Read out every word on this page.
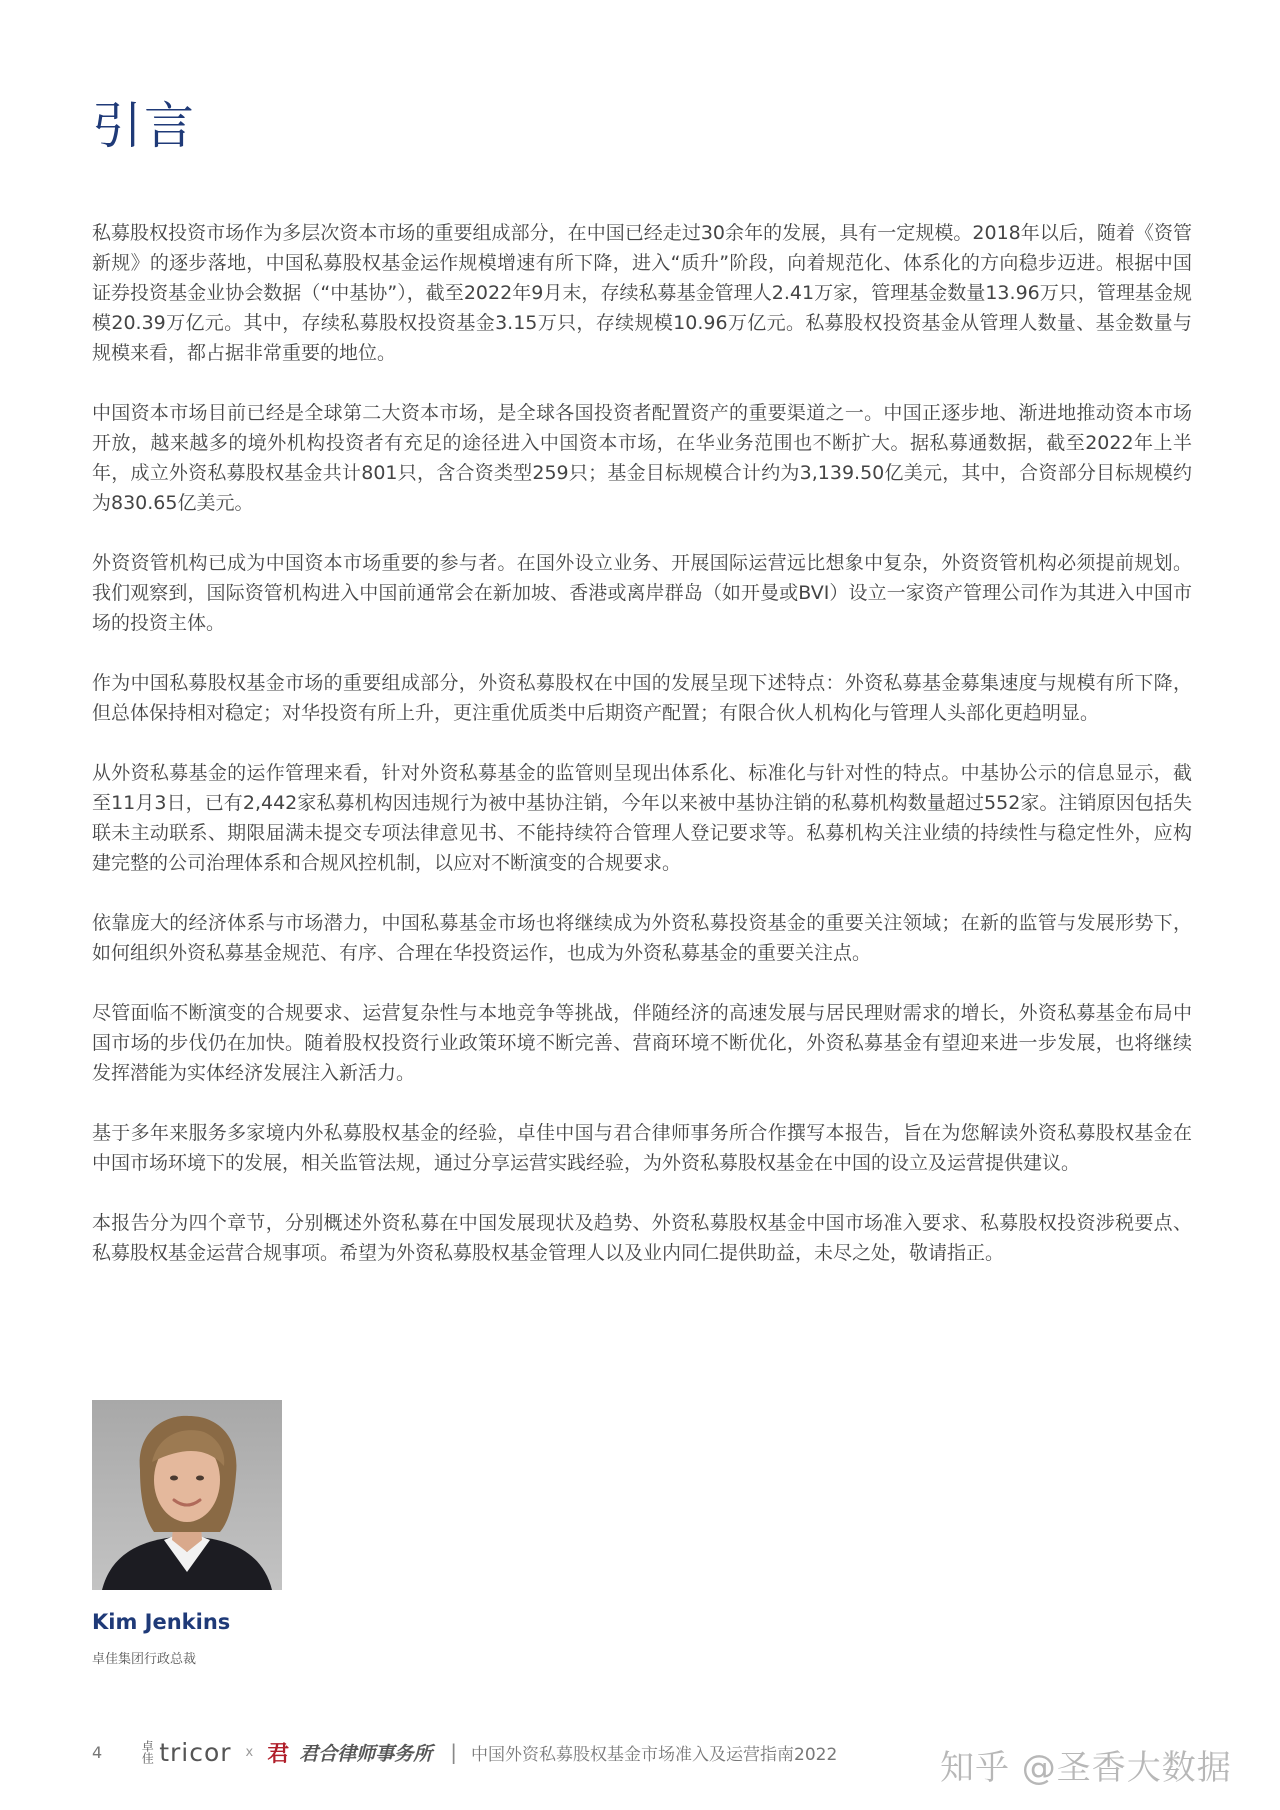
引言

私募股权投资市场作为多层次资本市场的重要组成部分，在中国已经走过30余年的发展，具有一定规模。2018年以后，随着《资管新规》的逐步落地，中国私募股权基金运作规模增速有所下降，进入“质升”阶段，向着规范化、体系化的方向稳步迈进。根据中国证券投资基金业协会数据（“中基协”），截至2022年9月末，存续私募基金管理人2.41万家，管理基金数量13.96万只，管理基金规模20.39万亿元。其中，存续私募股权投资基金3.15万只，存续规模10.96万亿元。私募股权投资基金从管理人数量、基金数量与规模来看，都占据非常重要的地位。

中国资本市场目前已经是全球第二大资本市场，是全球各国投资者配置资产的重要渠道之一。中国正逐步地、渐进地推动资本市场开放，越来越多的境外机构投资者有充足的途径进入中国资本市场，在华业务范围也不断扩大。据私募通数据，截至2022年上半年，成立外资私募股权基金共计801只，含合资类型259只；基金目标规模合计约为3,139.50亿美元，其中，合资部分目标规模约为830.65亿美元。

外资资管机构已成为中国资本市场重要的参与者。在国外设立业务、开展国际运营远比想象中复杂，外资资管机构必须提前规划。我们观察到，国际资管机构进入中国前通常会在新加坡、香港或离岸群岛（如开曼或BVI）设立一家资产管理公司作为其进入中国市场的投资主体。

作为中国私募股权基金市场的重要组成部分，外资私募股权在中国的发展呈现下述特点：外资私募基金募集速度与规模有所下降，但总体保持相对稳定；对华投资有所上升，更注重优质类中后期资产配置；有限合伙人机构化与管理人头部化更趋明显。

从外资私募基金的运作管理来看，针对外资私募基金的监管则呈现出体系化、标准化与针对性的特点。中基协公示的信息显示，截至11月3日，已有2,442家私募机构因违规行为被中基协注销，今年以来被中基协注销的私募机构数量超过552家。注销原因包括失联未主动联系、期限届满未提交专项法律意见书、不能持续符合管理人登记要求等。私募机构关注业绩的持续性与稳定性外，应构建完整的公司治理体系和合规风控机制，以应对不断演变的合规要求。

依靠庞大的经济体系与市场潜力，中国私募基金市场也将继续成为外资私募投资基金的重要关注领域；在新的监管与发展形势下，如何组织外资私募基金规范、有序、合理在华投资运作，也成为外资私募基金的重要关注点。

尽管面临不断演变的合规要求、运营复杂性与本地竞争等挑战，伴随经济的高速发展与居民理财需求的增长，外资私募基金布局中国市场的步伐仍在加快。随着股权投资行业政策环境不断完善、营商环境不断优化，外资私募基金有望迎来进一步发展，也将继续发挥潜能为实体经济发展注入新活力。

基于多年来服务多家境内外私募股权基金的经验，卓佳中国与君合律师事务所合作撰写本报告，旨在为您解读外资私募股权基金在中国市场环境下的发展，相关监管法规，通过分享运营实践经验，为外资私募股权基金在中国的设立及运营提供建议。

本报告分为四个章节，分别概述外资私募在中国发展现状及趋势、外资私募股权基金中国市场准入要求、私募股权投资涉税要点、私募股权基金运营合规事项。希望为外资私募股权基金管理人以及业内同仁提供助益，未尽之处，敬请指正。

Kim Jenkins

卓佳集团行政总裁

4	卓佳 tricor x 君 君合律师事务所 | 中国外资私募股权基金市场准入及运营指南2022	知乎 @圣香大数据
